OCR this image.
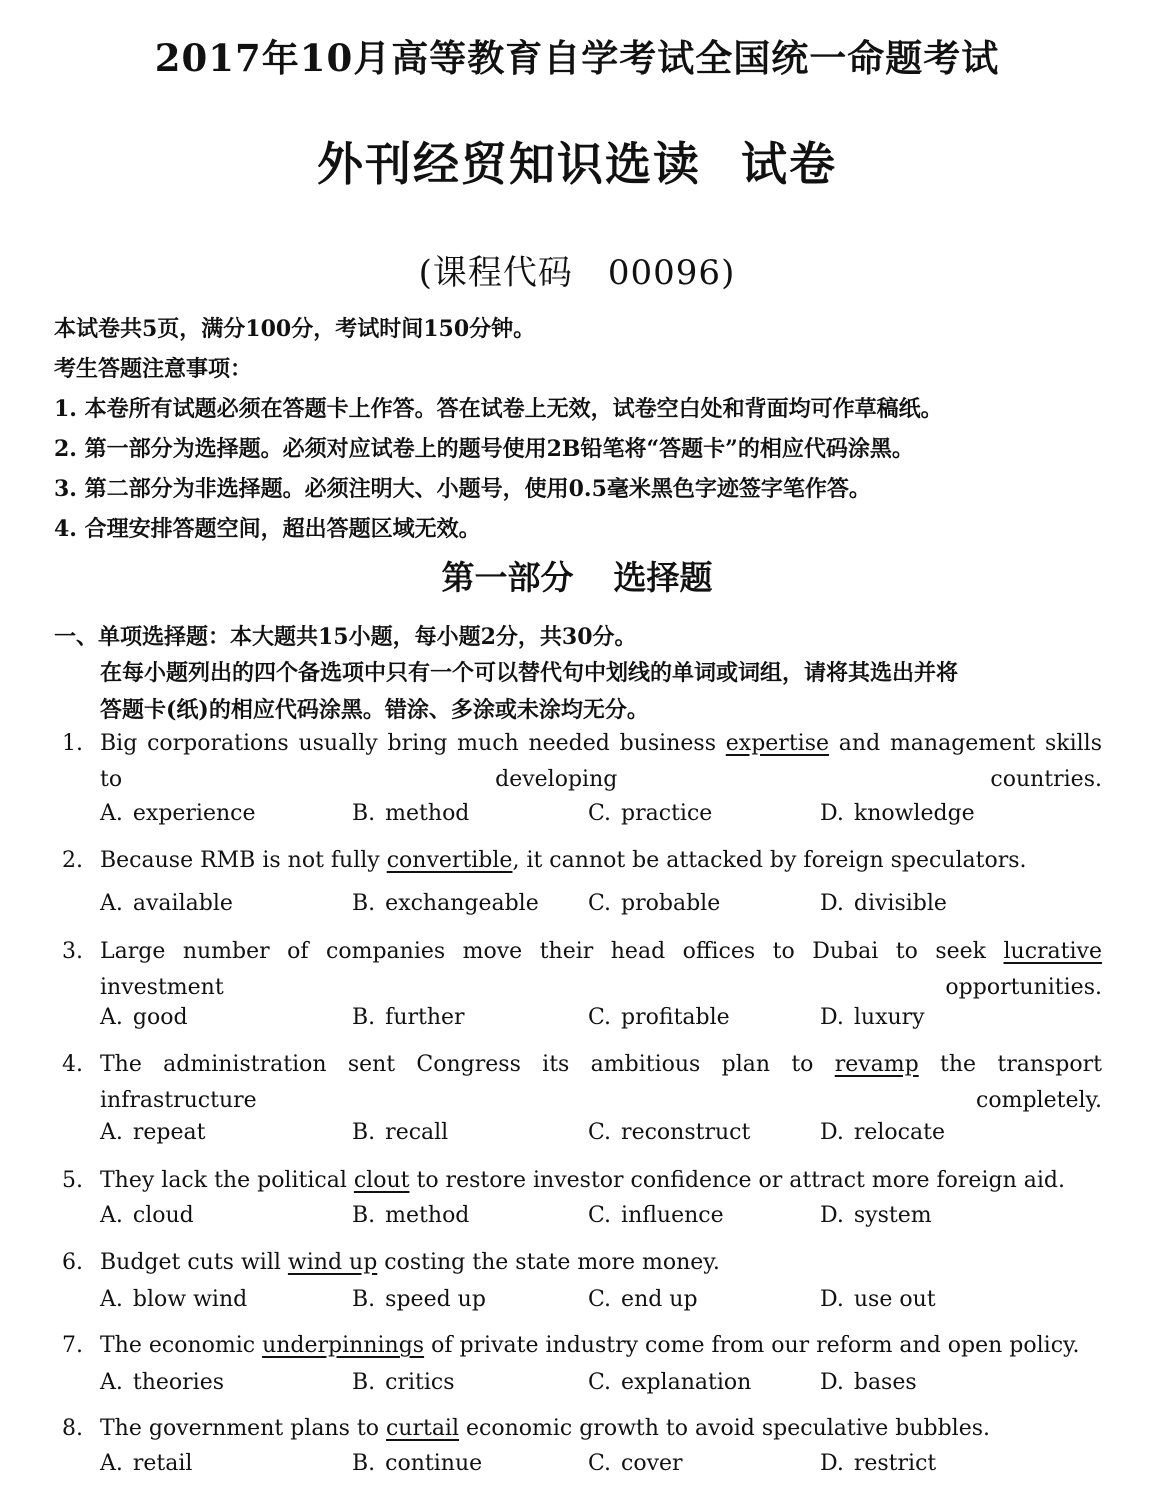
2017年10月高等教育自学考试全国统一命题考试
外刊经贸知识选读 试卷
(课程代码　00096)
本试卷共5页，满分100分，考试时间150分钟。
考生答题注意事项：
1. 本卷所有试题必须在答题卡上作答。答在试卷上无效，试卷空白处和背面均可作草稿纸。
2. 第一部分为选择题。必须对应试卷上的题号使用2B铅笔将“答题卡”的相应代码涂黑。
3. 第二部分为非选择题。必须注明大、小题号，使用0.5毫米黑色字迹签字笔作答。
4. 合理安排答题空间，超出答题区域无效。
第一部分 选择题
一、单项选择题：本大题共15小题，每小题2分，共30分。
在每小题列出的四个备选项中只有一个可以替代句中划线的单词或词组，请将其选出并将
答题卡(纸)的相应代码涂黑。错涂、多涂或未涂均无分。
1. Big corporations usually bring much needed business expertise and management skills to developing countries.
A. experience	B. method	C. practice	D. knowledge
2. Because RMB is not fully convertible, it cannot be attacked by foreign speculators.
A. available	B. exchangeable C. probable	D. divisible
3. Large number of companies move their head offices to Dubai to seek lucrative investment opportunities.
A. good	B. further	C. profitable	D. luxury
4. The administration sent Congress its ambitious plan to revamp the transport infrastructure completely.
A. repeat	B. recall	C. reconstruct	D. relocate
5. They lack the political clout to restore investor confidence or attract more foreign aid.
A. cloud	B. method	C. influence	D. system
6. Budget cuts will wind up costing the state more money.
A. blow wind	B. speed up	C. end up	D. use out
7. The economic underpinnings of private industry come from our reform and open policy.
A. theories	B. critics	C. explanation	D. bases
8. The government plans to curtail economic growth to avoid speculative bubbles.
A. retail	B. continue	C. cover	D. restrict
